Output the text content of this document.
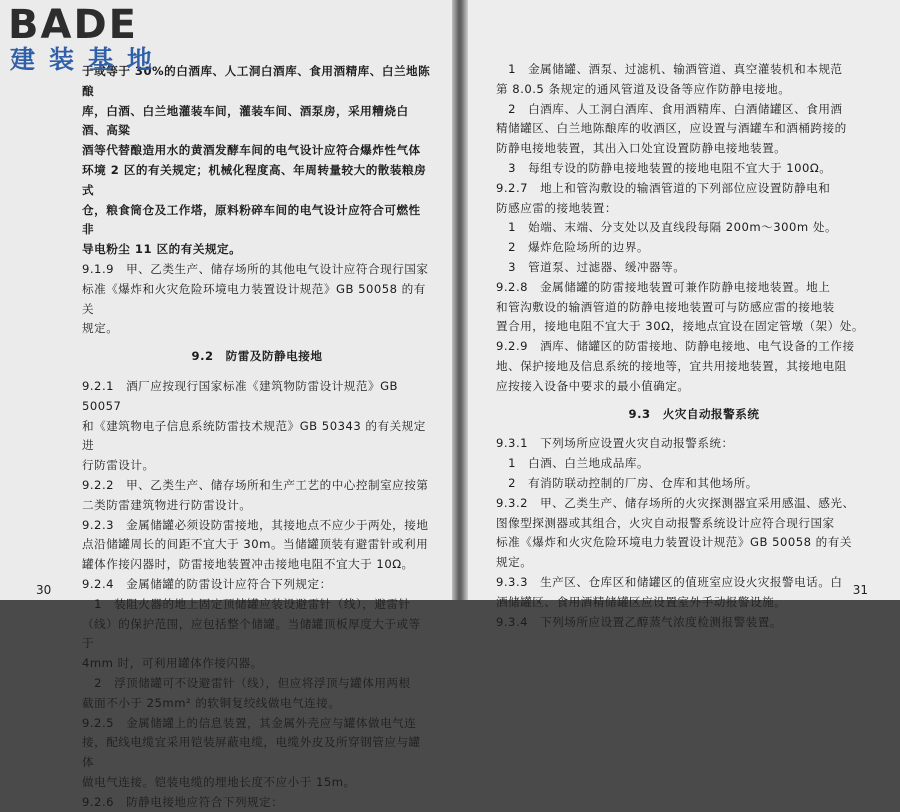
BADE
建装基地
于或等于 30%的白酒库、人工洞白酒库、食用酒精库、白兰地陈酿
库，白酒、白兰地灌装车间，灌装车间、酒泵房，采用糟烧白酒、高粱
酒等代替酿造用水的黄酒发酵车间的电气设计应符合爆炸性气体
环境 2 区的有关规定；机械化程度高、年周转量较大的散装粮房式
仓，粮食筒仓及工作塔，原料粉碎车间的电气设计应符合可燃性非
导电粉尘 11 区的有关规定。
9.1.9　甲、乙类生产、储存场所的其他电气设计应符合现行国家
标准《爆炸和火灾危险环境电力装置设计规范》GB 50058 的有关
规定。
9.2　防雷及防静电接地
9.2.1　酒厂应按现行国家标准《建筑物防雷设计规范》GB 50057
和《建筑物电子信息系统防雷技术规范》GB 50343 的有关规定进
行防雷设计。
9.2.2　甲、乙类生产、储存场所和生产工艺的中心控制室应按第
二类防雷建筑物进行防雷设计。
9.2.3　金属储罐必须设防雷接地，其接地点不应少于两处，接地
点沿储罐周长的间距不宜大于 30m。当储罐顶装有避雷针或利用
罐体作接闪器时，防雷接地装置冲击接地电阻不宜大于 10Ω。
9.2.4　金属储罐的防雷设计应符合下列规定：
　1　装阻火器的地上固定顶储罐应装设避雷针（线），避雷针
（线）的保护范围，应包括整个储罐。当储罐顶板厚度大于或等于
4mm 时，可利用罐体作接闪器。
　2　浮顶储罐可不设避雷针（线），但应将浮顶与罐体用两根
截面不小于 25mm² 的软铜复绞线做电气连接。
9.2.5　金属储罐上的信息装置，其金属外壳应与罐体做电气连
接，配线电缆宜采用铠装屏蔽电缆，电缆外皮及所穿钢管应与罐体
做电气连接。铠装电缆的埋地长度不应小于 15m。
9.2.6　防静电接地应符合下列规定：
30
　1　金属储罐、酒泵、过滤机、输酒管道、真空灌装机和本规范
第 8.0.5 条规定的通风管道及设备等应作防静电接地。
　2　白酒库、人工洞白酒库、食用酒精库、白酒储罐区、食用酒
精储罐区、白兰地陈酿库的收酒区，应设置与酒罐车和酒桶跨接的
防静电接地装置，其出入口处宜设置防静电接地装置。
　3　每组专设的防静电接地装置的接地电阻不宜大于 100Ω。
9.2.7　地上和管沟敷设的输酒管道的下列部位应设置防静电和
防感应雷的接地装置：
　1　始端、末端、分支处以及直线段每隔 200m～300m 处。
　2　爆炸危险场所的边界。
　3　管道泵、过滤器、缓冲器等。
9.2.8　金属储罐的防雷接地装置可兼作防静电接地装置。地上
和管沟敷设的输酒管道的防静电接地装置可与防感应雷的接地装
置合用，接地电阻不宜大于 30Ω，接地点宜设在固定管墩（架）处。
9.2.9　酒库、储罐区的防雷接地、防静电接地、电气设备的工作接
地、保护接地及信息系统的接地等，宜共用接地装置，其接地电阻
应按接入设备中要求的最小值确定。
9.3　火灾自动报警系统
9.3.1　下列场所应设置火灾自动报警系统：
　1　白酒、白兰地成品库。
　2　有消防联动控制的厂房、仓库和其他场所。
9.3.2　甲、乙类生产、储存场所的火灾探测器宜采用感温、感光、
图像型探测器或其组合，火灾自动报警系统设计应符合现行国家
标准《爆炸和火灾危险环境电力装置设计规范》GB 50058 的有关
规定。
9.3.3　生产区、仓库区和储罐区的值班室应设火灾报警电话。白
酒储罐区、食用酒精储罐区应设置室外手动报警设施。
9.3.4　下列场所应设置乙醇蒸气浓度检测报警装置。
31
